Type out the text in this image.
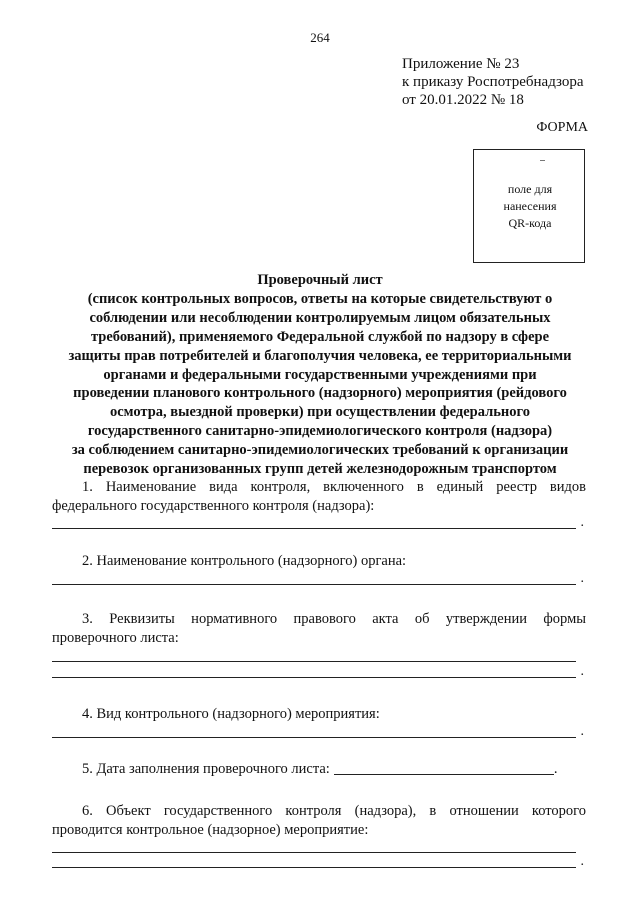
264
Приложение № 23
к приказу Роспотребнадзора
от 20.01.2022 № 18
ФОРМА
поле для
нанесения
QR-кода
Проверочный лист
(список контрольных вопросов, ответы на которые свидетельствуют о
соблюдении или несоблюдении контролируемым лицом обязательных
требований), применяемого Федеральной службой по надзору в сфере
защиты прав потребителей и благополучия человека, ее территориальными
органами и федеральными государственными учреждениями при
проведении планового контрольного (надзорного) мероприятия (рейдового
осмотра, выездной проверки) при осуществлении федерального
государственного санитарно-эпидемиологического контроля (надзора)
за соблюдением санитарно-эпидемиологических требований к организации
перевозок организованных групп детей железнодорожным транспортом
1. Наименование вида контроля, включенного в единый реестр видов
федерального государственного контроля (надзора):
.
2. Наименование контрольного (надзорного) органа:
.
3. Реквизиты нормативного правового акта об утверждении формы
проверочного листа:
.
4. Вид контрольного (надзорного) мероприятия:
.
5. Дата заполнения проверочного листа:	.
6. Объект государственного контроля (надзора), в отношении которого
проводится контрольное (надзорное) мероприятие:
.
